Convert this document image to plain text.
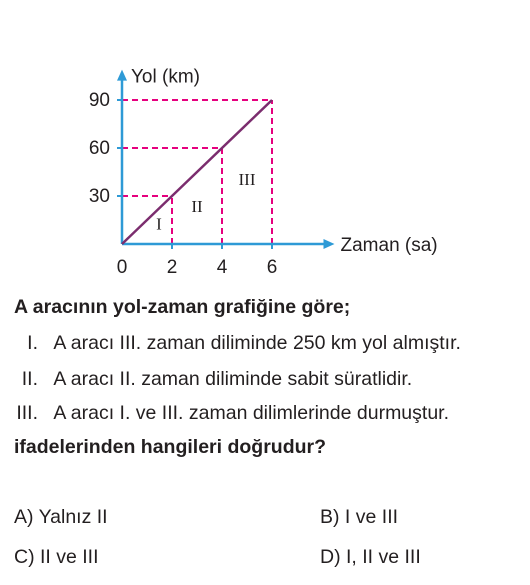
30
60
90
0 2 4 6
Yol (km)
Zaman (sa)
I
II
III
A aracının yol-zaman grafiğine göre;
I. A aracı III. zaman diliminde 250 km yol almıştır.
II. A aracı II. zaman diliminde sabit süratlidir.
III. A aracı I. ve III. zaman dilimlerinde durmuştur.
ifadelerinden hangileri doğrudur?
A) Yalnız II	B) I ve III
C) II ve III	D) I, II ve III
